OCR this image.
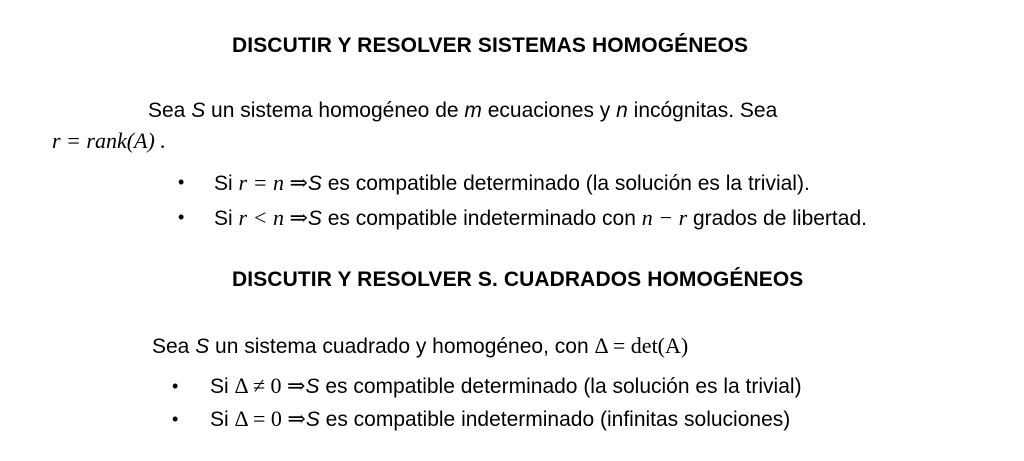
DISCUTIR Y RESOLVER SISTEMAS HOMOGÉNEOS
Sea S un sistema homogéneo de m ecuaciones y n incógnitas. Sea
r = rank(A) .
• Si r = n ⇒S es compatible determinado (la solución es la trivial).
• Si r < n ⇒S es compatible indeterminado con n − r grados de libertad.
DISCUTIR Y RESOLVER S. CUADRADOS HOMOGÉNEOS
Sea S un sistema cuadrado y homogéneo, con Δ = det(A)
• Si Δ ≠ 0 ⇒S es compatible determinado (la solución es la trivial)
• Si Δ = 0 ⇒S es compatible indeterminado (infinitas soluciones)
